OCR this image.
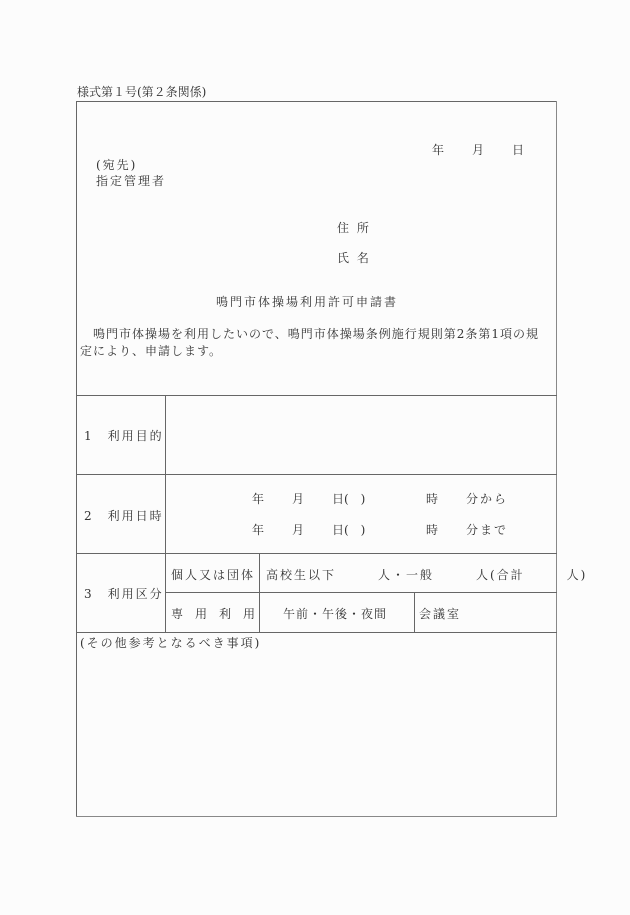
様式第１号(第２条関係)
年 月 日
(宛先)
指定管理者
住 所
氏 名
鳴門市体操場利用許可申請書
　鳴門市体操場を利用したいので、鳴門市体操場条例施行規則第2条第1項の規
定により、申請します。
1　利用目的
2　利用日時
年 月 日(　)	時 分から
年 月 日(　)	時 分まで
3　利用区分
個人又は団体 高校生以下　　　人・一般　　　人(合計　　　人)
専　用　利　用 午前・午後・夜間	会議室
(その他参考となるべき事項)
